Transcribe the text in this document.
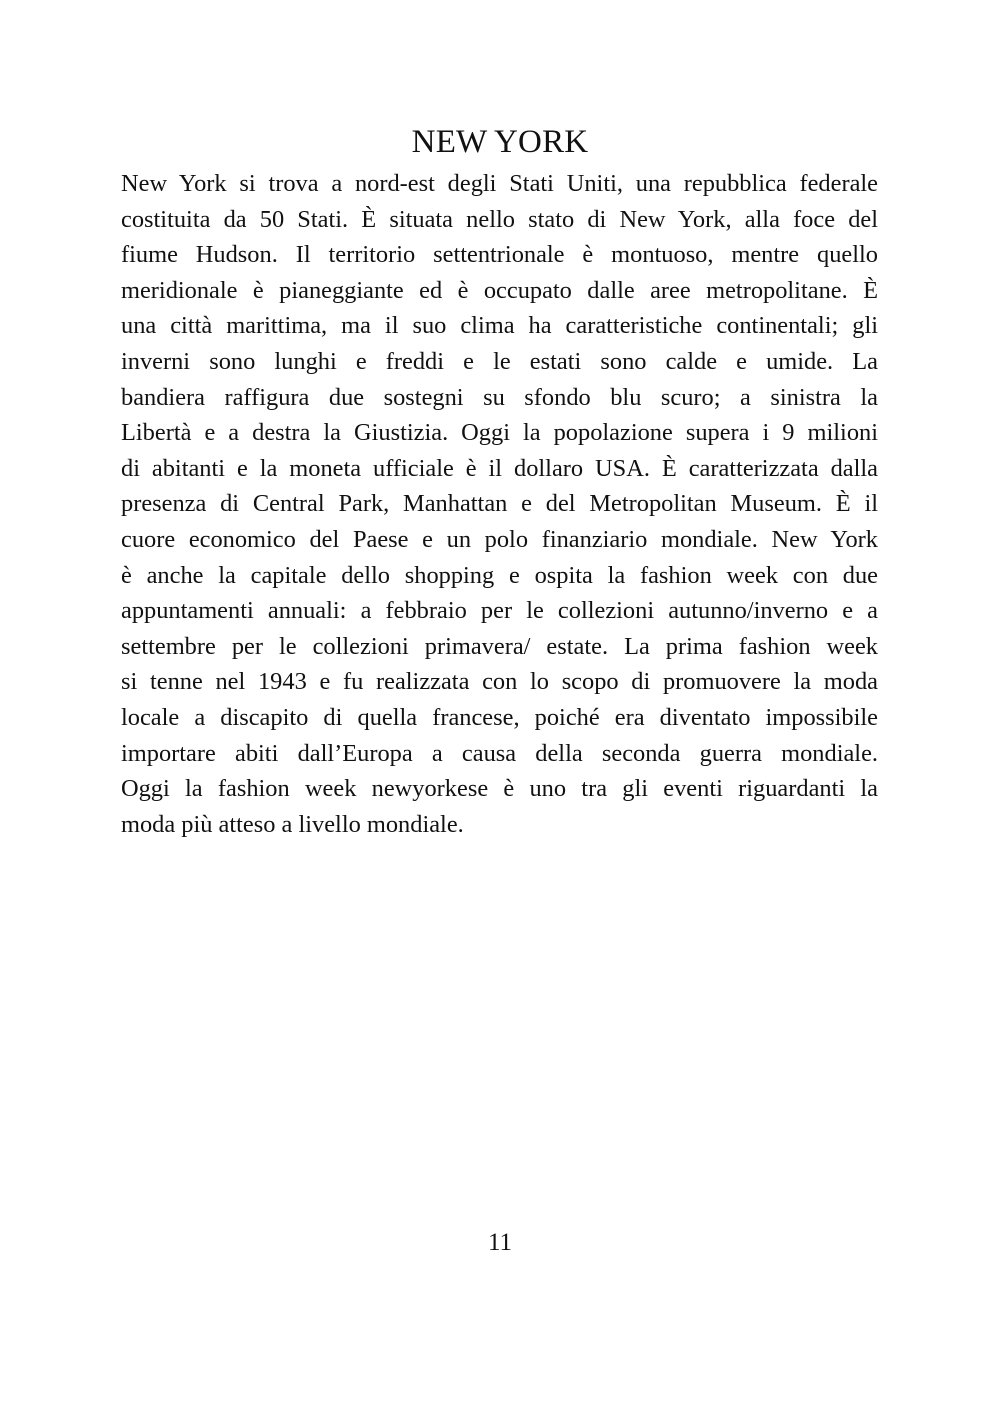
NEW YORK
New York si trova a nord-est degli Stati Uniti, una repubblica federale
costituita da 50 Stati. È situata nello stato di New York, alla foce del
fiume Hudson. Il territorio settentrionale è montuoso, mentre quello
meridionale è pianeggiante ed è occupato dalle aree metropolitane. È
una città marittima, ma il suo clima ha caratteristiche continentali; gli
inverni sono lunghi e freddi e le estati sono calde e umide. La
bandiera raffigura due sostegni su sfondo blu scuro; a sinistra la
Libertà e a destra la Giustizia. Oggi la popolazione supera i 9 milioni
di abitanti e la moneta ufficiale è il dollaro USA. È caratterizzata dalla
presenza di Central Park, Manhattan e del Metropolitan Museum. È il
cuore economico del Paese e un polo finanziario mondiale. New York
è anche la capitale dello shopping e ospita la fashion week con due
appuntamenti annuali: a febbraio per le collezioni autunno/inverno e a
settembre per le collezioni primavera/ estate. La prima fashion week
si tenne nel 1943 e fu realizzata con lo scopo di promuovere la moda
locale a discapito di quella francese, poiché era diventato impossibile
importare abiti dall’Europa a causa della seconda guerra mondiale.
Oggi la fashion week newyorkese è uno tra gli eventi riguardanti la
moda più atteso a livello mondiale.
11
